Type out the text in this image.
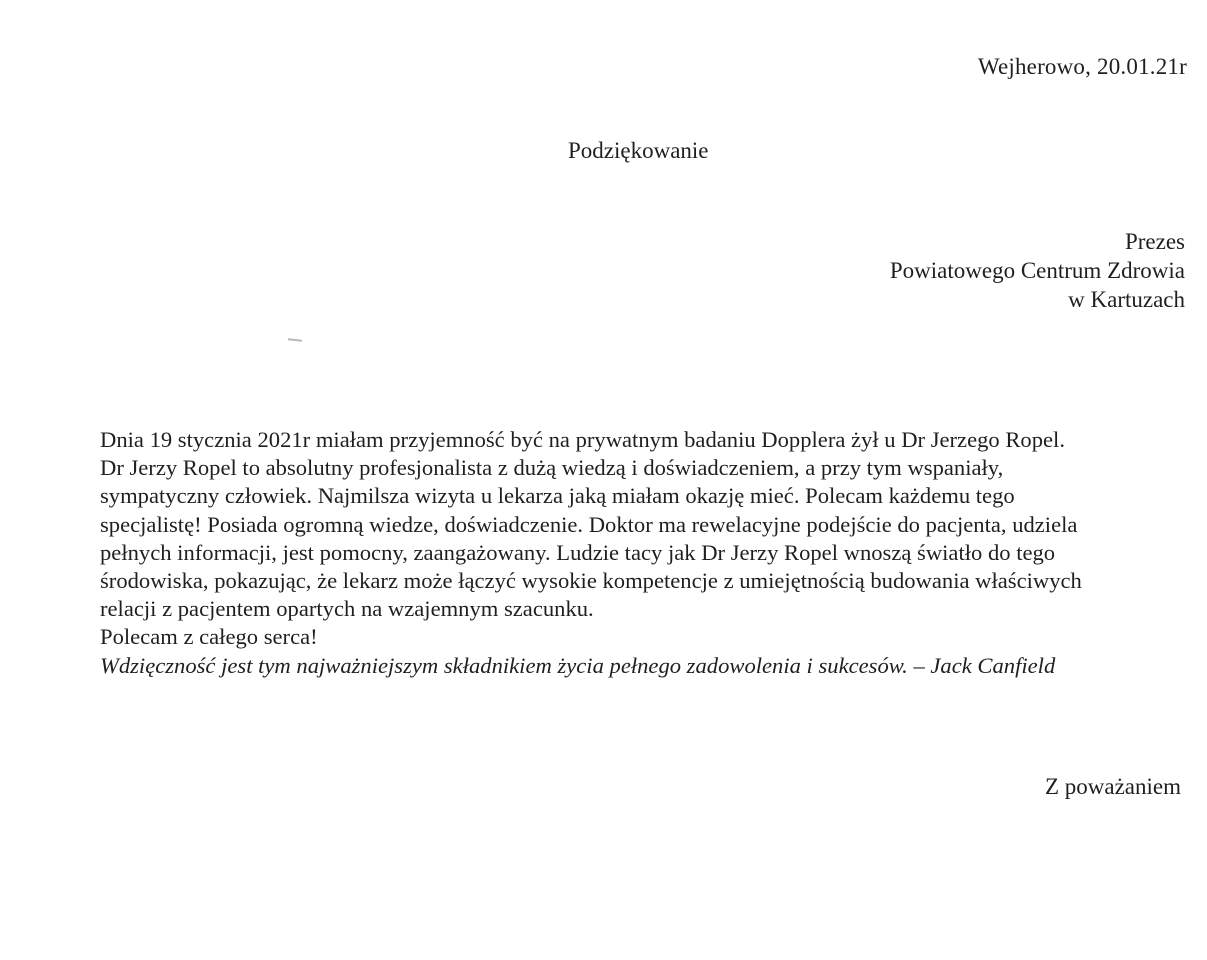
Wejherowo, 20.01.21r
Podziękowanie
Prezes
Powiatowego Centrum Zdrowia
w Kartuzach
Dnia 19 stycznia 2021r miałam przyjemność być na prywatnym badaniu Dopplera żył u Dr Jerzego Ropel.
Dr Jerzy Ropel to absolutny profesjonalista z dużą wiedzą i doświadczeniem, a przy tym wspaniały,
sympatyczny człowiek. Najmilsza wizyta u lekarza jaką miałam okazję mieć. Polecam każdemu tego
specjalistę! Posiada ogromną wiedze, doświadczenie. Doktor ma rewelacyjne podejście do pacjenta, udziela
pełnych informacji, jest pomocny, zaangażowany. Ludzie tacy jak Dr Jerzy Ropel wnoszą światło do tego
środowiska, pokazując, że lekarz może łączyć wysokie kompetencje z umiejętnością budowania właściwych
relacji z pacjentem opartych na wzajemnym szacunku.
Polecam z całego serca!
Wdzięczność jest tym najważniejszym składnikiem życia pełnego zadowolenia i sukcesów. – Jack Canfield
Z poważaniem
